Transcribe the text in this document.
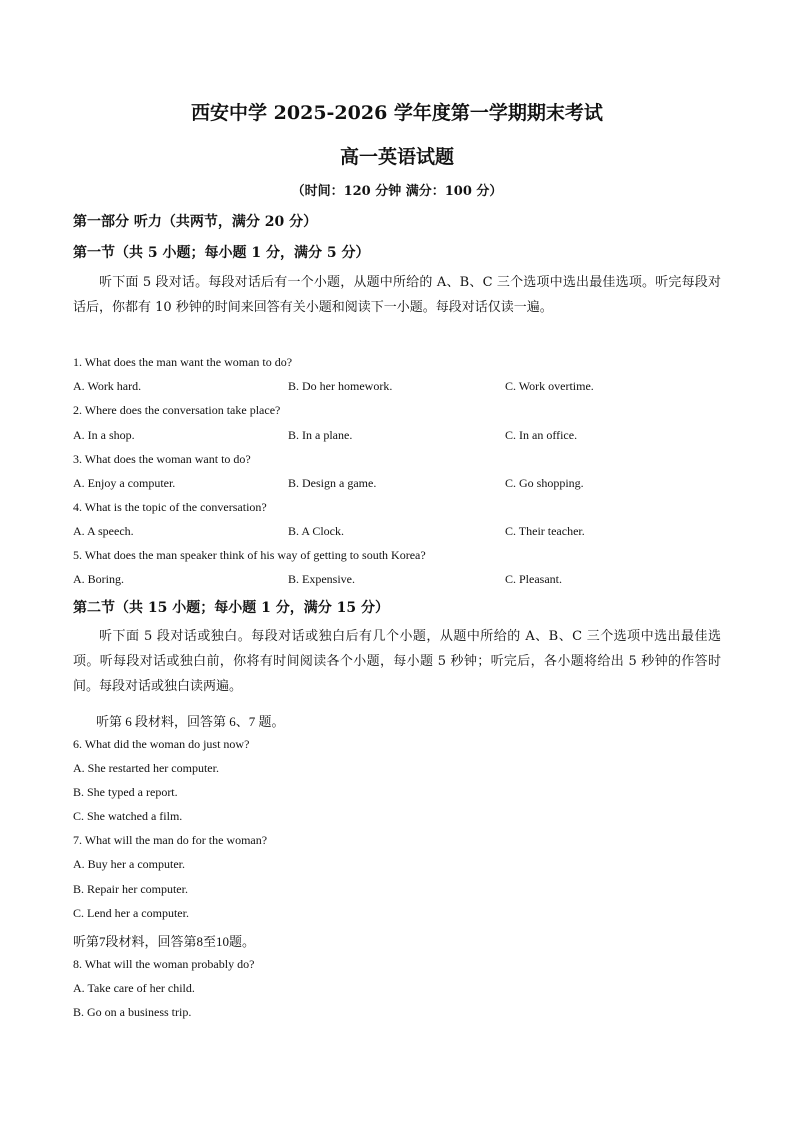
西安中学 2025-2026 学年度第一学期期末考试
高一英语试题
（时间：120 分钟 满分：100 分）
第一部分 听力（共两节，满分 20 分）
第一节（共 5 小题；每小题 1 分，满分 5 分）
听下面 5 段对话。每段对话后有一个小题，从题中所给的 A、B、C 三个选项中选出最佳选项。听完每段对话后，你都有 10 秒钟的时间来回答有关小题和阅读下一小题。每段对话仅读一遍。
1. What does the man want the woman to do?
A. Work hard.	B. Do her homework.	C. Work overtime.
2. Where does the conversation take place?
A. In a shop.	B. In a plane.	C. In an office.
3. What does the woman want to do?
A. Enjoy a computer.	B. Design a game.	C. Go shopping.
4. What is the topic of the conversation?
A. A speech.	B. A Clock.	C. Their teacher.
5. What does the man speaker think of his way of getting to south Korea?
A. Boring.	B. Expensive.	C. Pleasant.
第二节（共 15 小题；每小题 1 分，满分 15 分）
听下面 5 段对话或独白。每段对话或独白后有几个小题，从题中所给的 A、B、C 三个选项中选出最佳选项。听每段对话或独白前，你将有时间阅读各个小题，每小题 5 秒钟；听完后，各小题将给出 5 秒钟的作答时间。每段对话或独白读两遍。
听第 6 段材料，回答第 6、7 题。
6. What did the woman do just now?
A. She restarted her computer.
B. She typed a report.
C. She watched a film.
7. What will the man do for the woman?
A. Buy her a computer.
B. Repair her computer.
C. Lend her a computer.
听第7段材料，回答第8至10题。
8. What will the woman probably do?
A. Take care of her child.
B. Go on a business trip.
